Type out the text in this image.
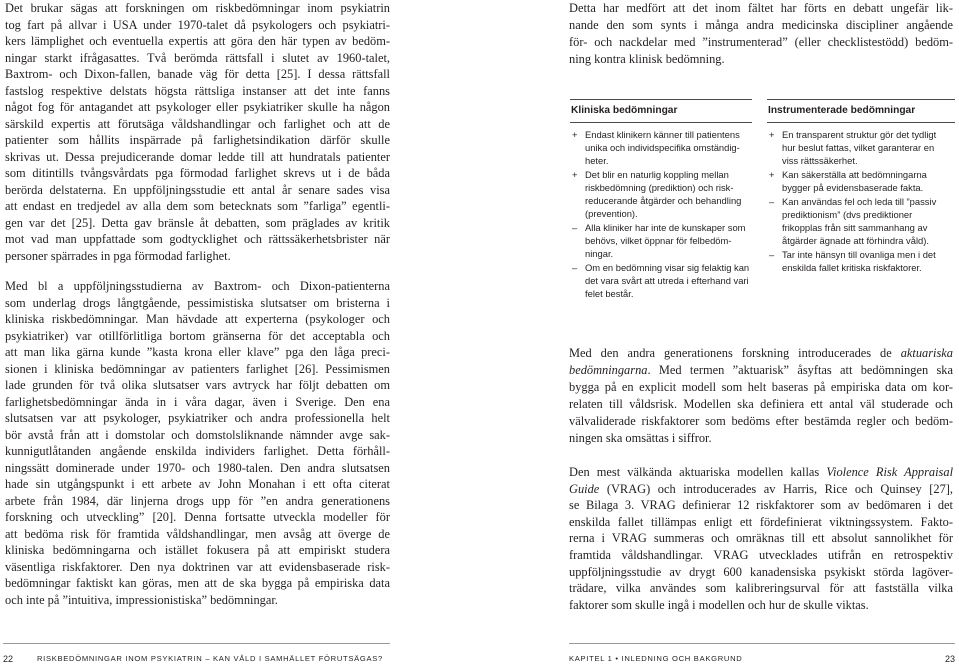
Det brukar sägas att forskningen om riskbedömningar inom psykiatrin
tog fart på allvar i USA under 1970-talet då psykologers och psykiatri-
kers lämplighet och eventuella expertis att göra den här typen av bedöm-
ningar starkt ifrågasattes. Två berömda rättsfall i slutet av 1960-talet,
Baxtrom- och Dixon-fallen, banade väg för detta [25]. I dessa rättsfall
fastslog respektive delstats högsta rättsliga instanser att det inte fanns
något fog för antagandet att psykologer eller psykiatriker skulle ha någon
särskild expertis att förutsäga våldshandlingar och farlighet och att de
patienter som hållits inspärrade på farlighetsindikation därför skulle
skrivas ut. Dessa prejudicerande domar ledde till att hundratals patienter
som ditintills tvångsvårdats pga förmodad farlighet skrevs ut i de båda
berörda delstaterna. En uppföljningsstudie ett antal år senare sades visa
att endast en tredjedel av alla dem som betecknats som ”farliga” egentli-
gen var det [25]. Detta gav bränsle åt debatten, som präglades av kritik
mot vad man uppfattade som godtycklighet och rättssäkerhetsbrister när
personer spärrades in pga förmodad farlighet.
Med bl a uppföljningsstudierna av Baxtrom- och Dixon-patienterna
som underlag drogs långtgående, pessimistiska slutsatser om bristerna i
kliniska riskbedömningar. Man hävdade att experterna (psykologer och
psykiatriker) var otillförlitliga bortom gränserna för det acceptabla och
att man lika gärna kunde ”kasta krona eller klave” pga den låga preci-
sionen i kliniska bedömningar av patienters farlighet [26]. Pessimismen
lade grunden för två olika slutsatser vars avtryck har följt debatten om
farlighetsbedömningar ända in i våra dagar, även i Sverige. Den ena
slutsatsen var att psykologer, psykiatriker och andra professionella helt
bör avstå från att i domstolar och domstolsliknande nämnder avge sak-
kunnigutlåtanden angående enskilda individers farlighet. Detta förhåll-
ningssätt dominerade under 1970- och 1980-talen. Den andra slutsatsen
hade sin utgångspunkt i ett arbete av John Monahan i ett ofta citerat
arbete från 1984, där linjerna drogs upp för ”en andra generationens
forskning och utveckling” [20]. Denna fortsatte utveckla modeller för
att bedöma risk för framtida våldshandlingar, men avsåg att överge de
kliniska bedömningarna och istället fokusera på att empiriskt studera
väsentliga riskfaktorer. Den nya doktrinen var att evidensbaserade risk-
bedömningar faktiskt kan göras, men att de ska bygga på empiriska data
och inte på ”intuitiva, impressionistiska” bedömningar.
22	RISKBEDÖMNINGAR INOM PSYKIATRIN – KAN VÅLD I SAMHÄLLET FÖRUTSÄGAS?
Detta har medfört att det inom fältet har förts en debatt ungefär lik-
nande den som synts i många andra medicinska discipliner angående
för- och nackdelar med ”instrumenterad” (eller checklistestödd) bedöm-
ning kontra klinisk bedömning.
Kliniska bedömningar
+ Endast klinikern känner till patientens
unika och individspecifika omständig-
heter.
+ Det blir en naturlig koppling mellan
riskbedömning (prediktion) och risk-
reducerande åtgärder och behandling
(prevention).
– Alla kliniker har inte de kunskaper som
behövs, vilket öppnar för felbedöm-
ningar.
– Om en bedömning visar sig felaktig kan
det vara svårt att utreda i efterhand vari
felet består.
Instrumenterade bedömningar
+ En transparent struktur gör det tydligt
hur beslut fattas, vilket garanterar en
viss rättssäkerhet.
+ Kan säkerställa att bedömningarna
bygger på evidensbaserade fakta.
– Kan användas fel och leda till ”passiv
prediktionism” (dvs prediktioner
frikopplas från sitt sammanhang av
åtgärder ägnade att förhindra våld).
– Tar inte hänsyn till ovanliga men i det
enskilda fallet kritiska riskfaktorer.
Med den andra generationens forskning introducerades de aktuariska
bedömningarna. Med termen ”aktuarisk” åsyftas att bedömningen ska
bygga på en explicit modell som helt baseras på empiriska data om kor-
relaten till våldsrisk. Modellen ska definiera ett antal väl studerade och
välvaliderade riskfaktorer som bedöms efter bestämda regler och bedöm-
ningen ska omsättas i siffror.
Den mest välkända aktuariska modellen kallas Violence Risk Appraisal
Guide (VRAG) och introducerades av Harris, Rice och Quinsey [27],
se Bilaga 3. VRAG definierar 12 riskfaktorer som av bedömaren i det
enskilda fallet tillämpas enligt ett fördefinierat viktningssystem. Fakto-
rerna i VRAG summeras och omräknas till ett absolut sannolikhet för
framtida våldshandlingar. VRAG utvecklades utifrån en retrospektiv
uppföljningsstudie av drygt 600 kanadensiska psykiskt störda lagöver-
trädare, vilka användes som kalibreringsurval för att fastställa vilka
faktorer som skulle ingå i modellen och hur de skulle viktas.
KAPITEL 1 • INLEDNING OCH BAKGRUND	23
